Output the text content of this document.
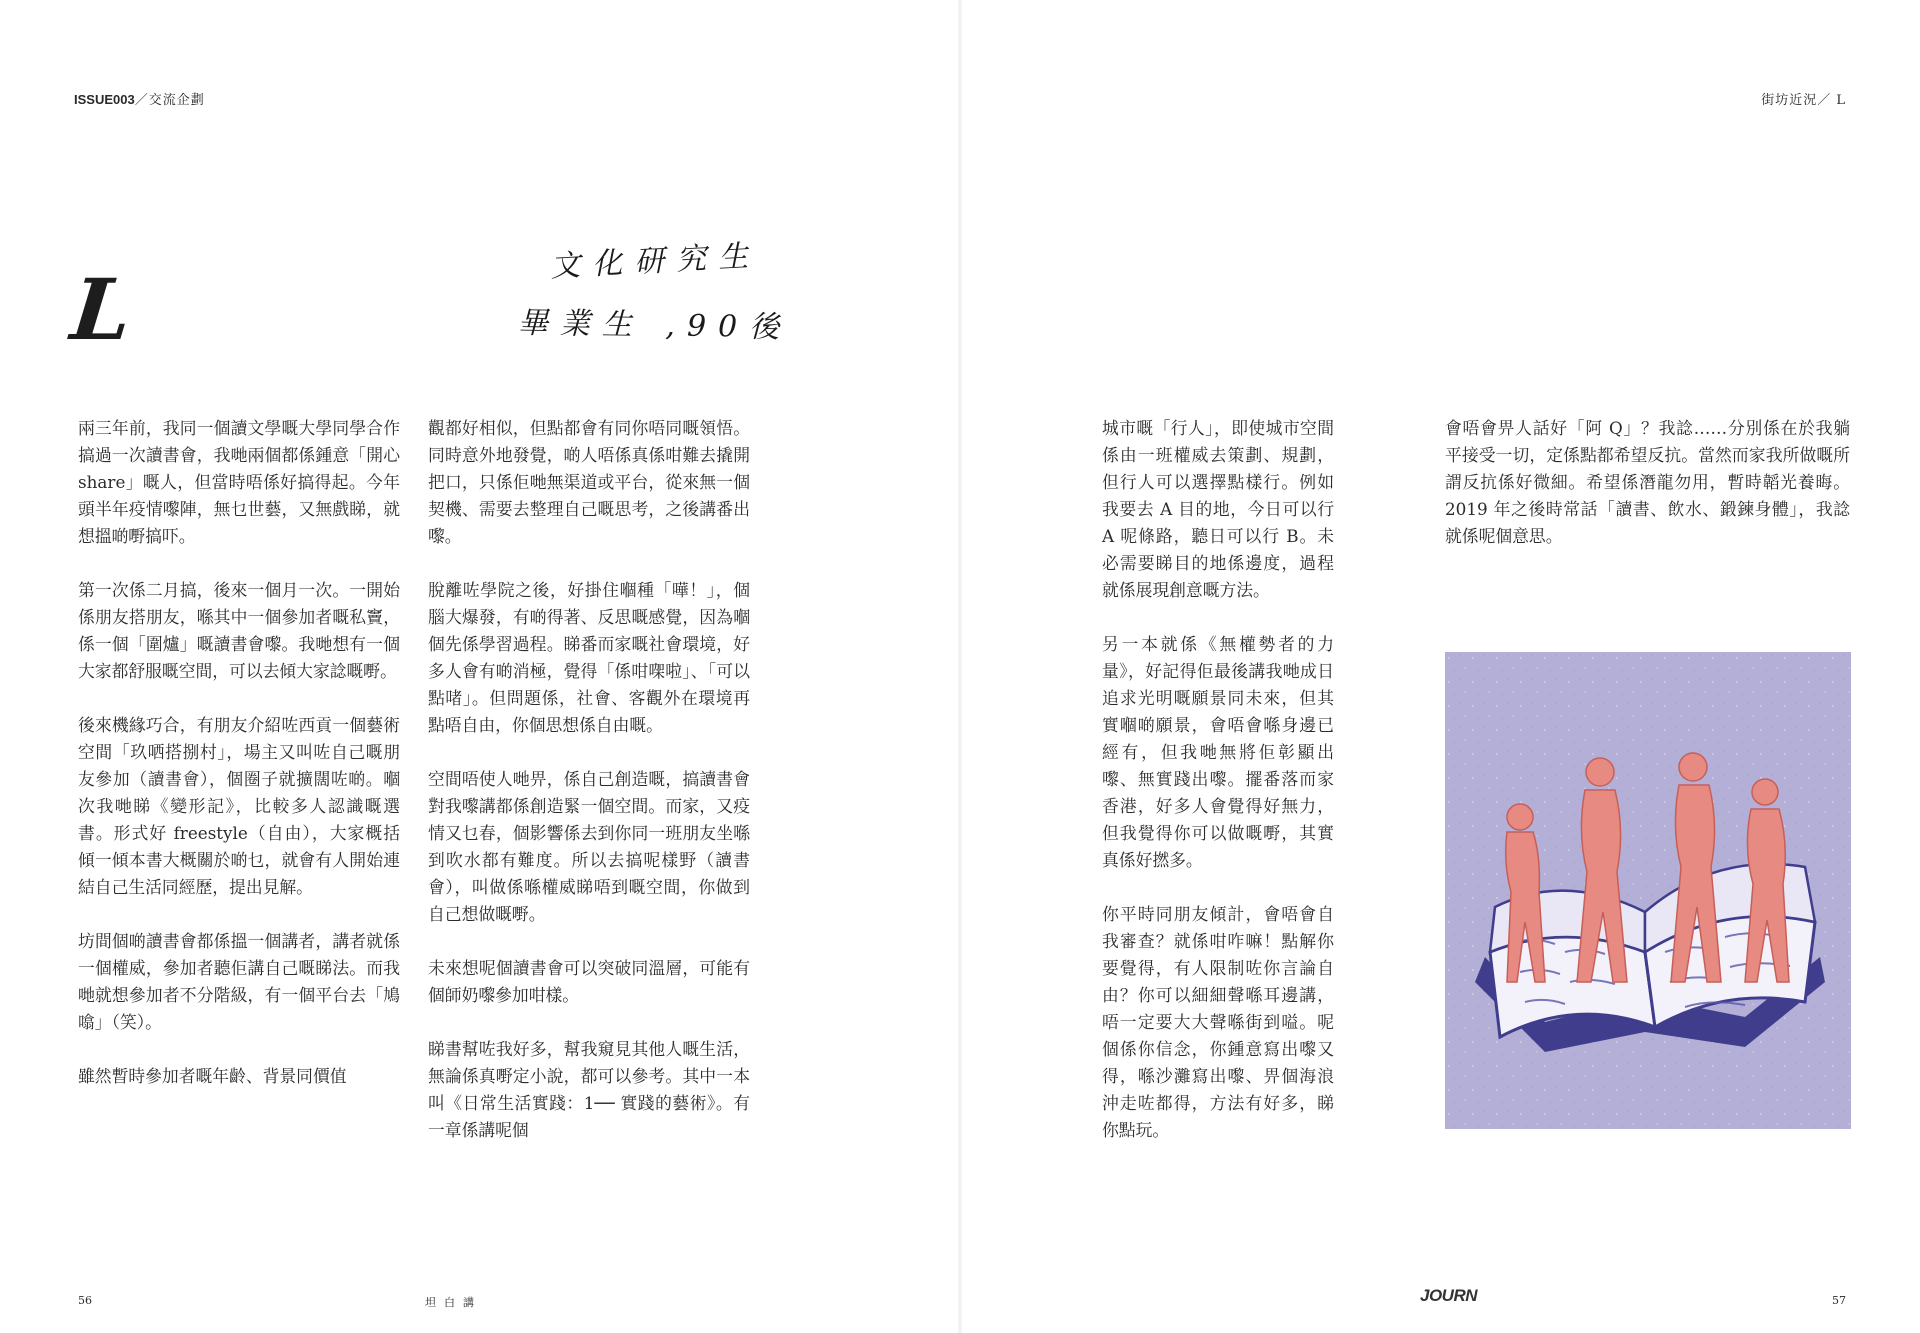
ISSUE003／交流企劃	街坊近況／ L
L	文化研究生
畢業生 ,90後

兩三年前，我同一個讀文學嘅大學同學合作搞過一次讀書會，我哋兩個都係鍾意「開心share」嘅人，但當時唔係好搞得起。今年頭半年疫情嚟陣，無乜世藝，又無戲睇，就想搵啲嘢搞吓。

第一次係二月搞，後來一個月一次。一開始係朋友搭朋友，喺其中一個參加者嘅私竇，係一個「圍爐」嘅讀書會嚟。我哋想有一個大家都舒服嘅空間，可以去傾大家諗嘅嘢。

後來機緣巧合，有朋友介紹咗西貢一個藝術空間「玖哂搭捌村」，場主又叫咗自己嘅朋友參加（讀書會），個圈子就擴闊咗啲。嗰次我哋睇《變形記》，比較多人認識嘅選書。形式好 freestyle（自由），大家概括傾一傾本書大概關於啲乜，就會有人開始連結自己生活同經歷，提出見解。

坊間個啲讀書會都係搵一個講者，講者就係一個權威，參加者聽佢講自己嘅睇法。而我哋就想參加者不分階級，有一個平台去「鳩噏」（笑）。

雖然暫時參加者嘅年齡、背景同價值

觀都好相似，但點都會有同你唔同嘅領悟。同時意外地發覺，啲人唔係真係咁難去撬開把口，只係佢哋無渠道或平台，從來無一個契機、需要去整理自己嘅思考，之後講番出嚟。

脫離咗學院之後，好掛住嗰種「嘩！」，個腦大爆發，有啲得著、反思嘅感覺，因為嗰個先係學習過程。睇番而家嘅社會環境，好多人會有啲消極，覺得「係咁㗎啦」、「可以點啫」。但問題係，社會、客觀外在環境再點唔自由，你個思想係自由嘅。

空間唔使人哋畀，係自己創造嘅，搞讀書會對我嚟講都係創造緊一個空間。而家，又疫情又乜春，個影響係去到你同一班朋友坐喺到吹水都有難度。所以去搞呢樣野（讀書會），叫做係喺權威睇唔到嘅空間，你做到自己想做嘅嘢。

未來想呢個讀書會可以突破同溫層，可能有個師奶嚟參加咁樣。

睇書幫咗我好多，幫我窺見其他人嘅生活，無論係真嘢定小說，都可以參考。其中一本叫《日常生活實踐：1── 實踐的藝術》。有一章係講呢個

城市嘅「行人」，即使城市空間係由一班權威去策劃、規劃，但行人可以選擇點樣行。例如我要去 A 目的地，今日可以行 A 呢條路，聽日可以行 B。未必需要睇目的地係邊度，過程就係展現創意嘅方法。

另一本就係《無權勢者的力量》，好記得佢最後講我哋成日追求光明嘅願景同未來，但其實嗰啲願景，會唔會喺身邊已經有，但我哋無將佢彰顯出嚟、無實踐出嚟。擺番落而家香港，好多人會覺得好無力，但我覺得你可以做嘅嘢，其實真係好撚多。

你平時同朋友傾計，會唔會自我審查？就係咁咋嘛！點解你要覺得，有人限制咗你言論自由？你可以細細聲喺耳邊講，唔一定要大大聲喺街到嗌。呢個係你信念，你鍾意寫出嚟又得，喺沙灘寫出嚟、畀個海浪沖走咗都得，方法有好多，睇你點玩。

會唔會畀人話好「阿 Q」？我諗……分別係在於我躺平接受一切，定係點都希望反抗。當然而家我所做嘅所謂反抗係好微細。希望係潛龍勿用，暫時韜光養晦。2019 年之後時常話「讀書、飲水、鍛鍊身體」，我諗就係呢個意思。

56	坦白講	JOURN	57
